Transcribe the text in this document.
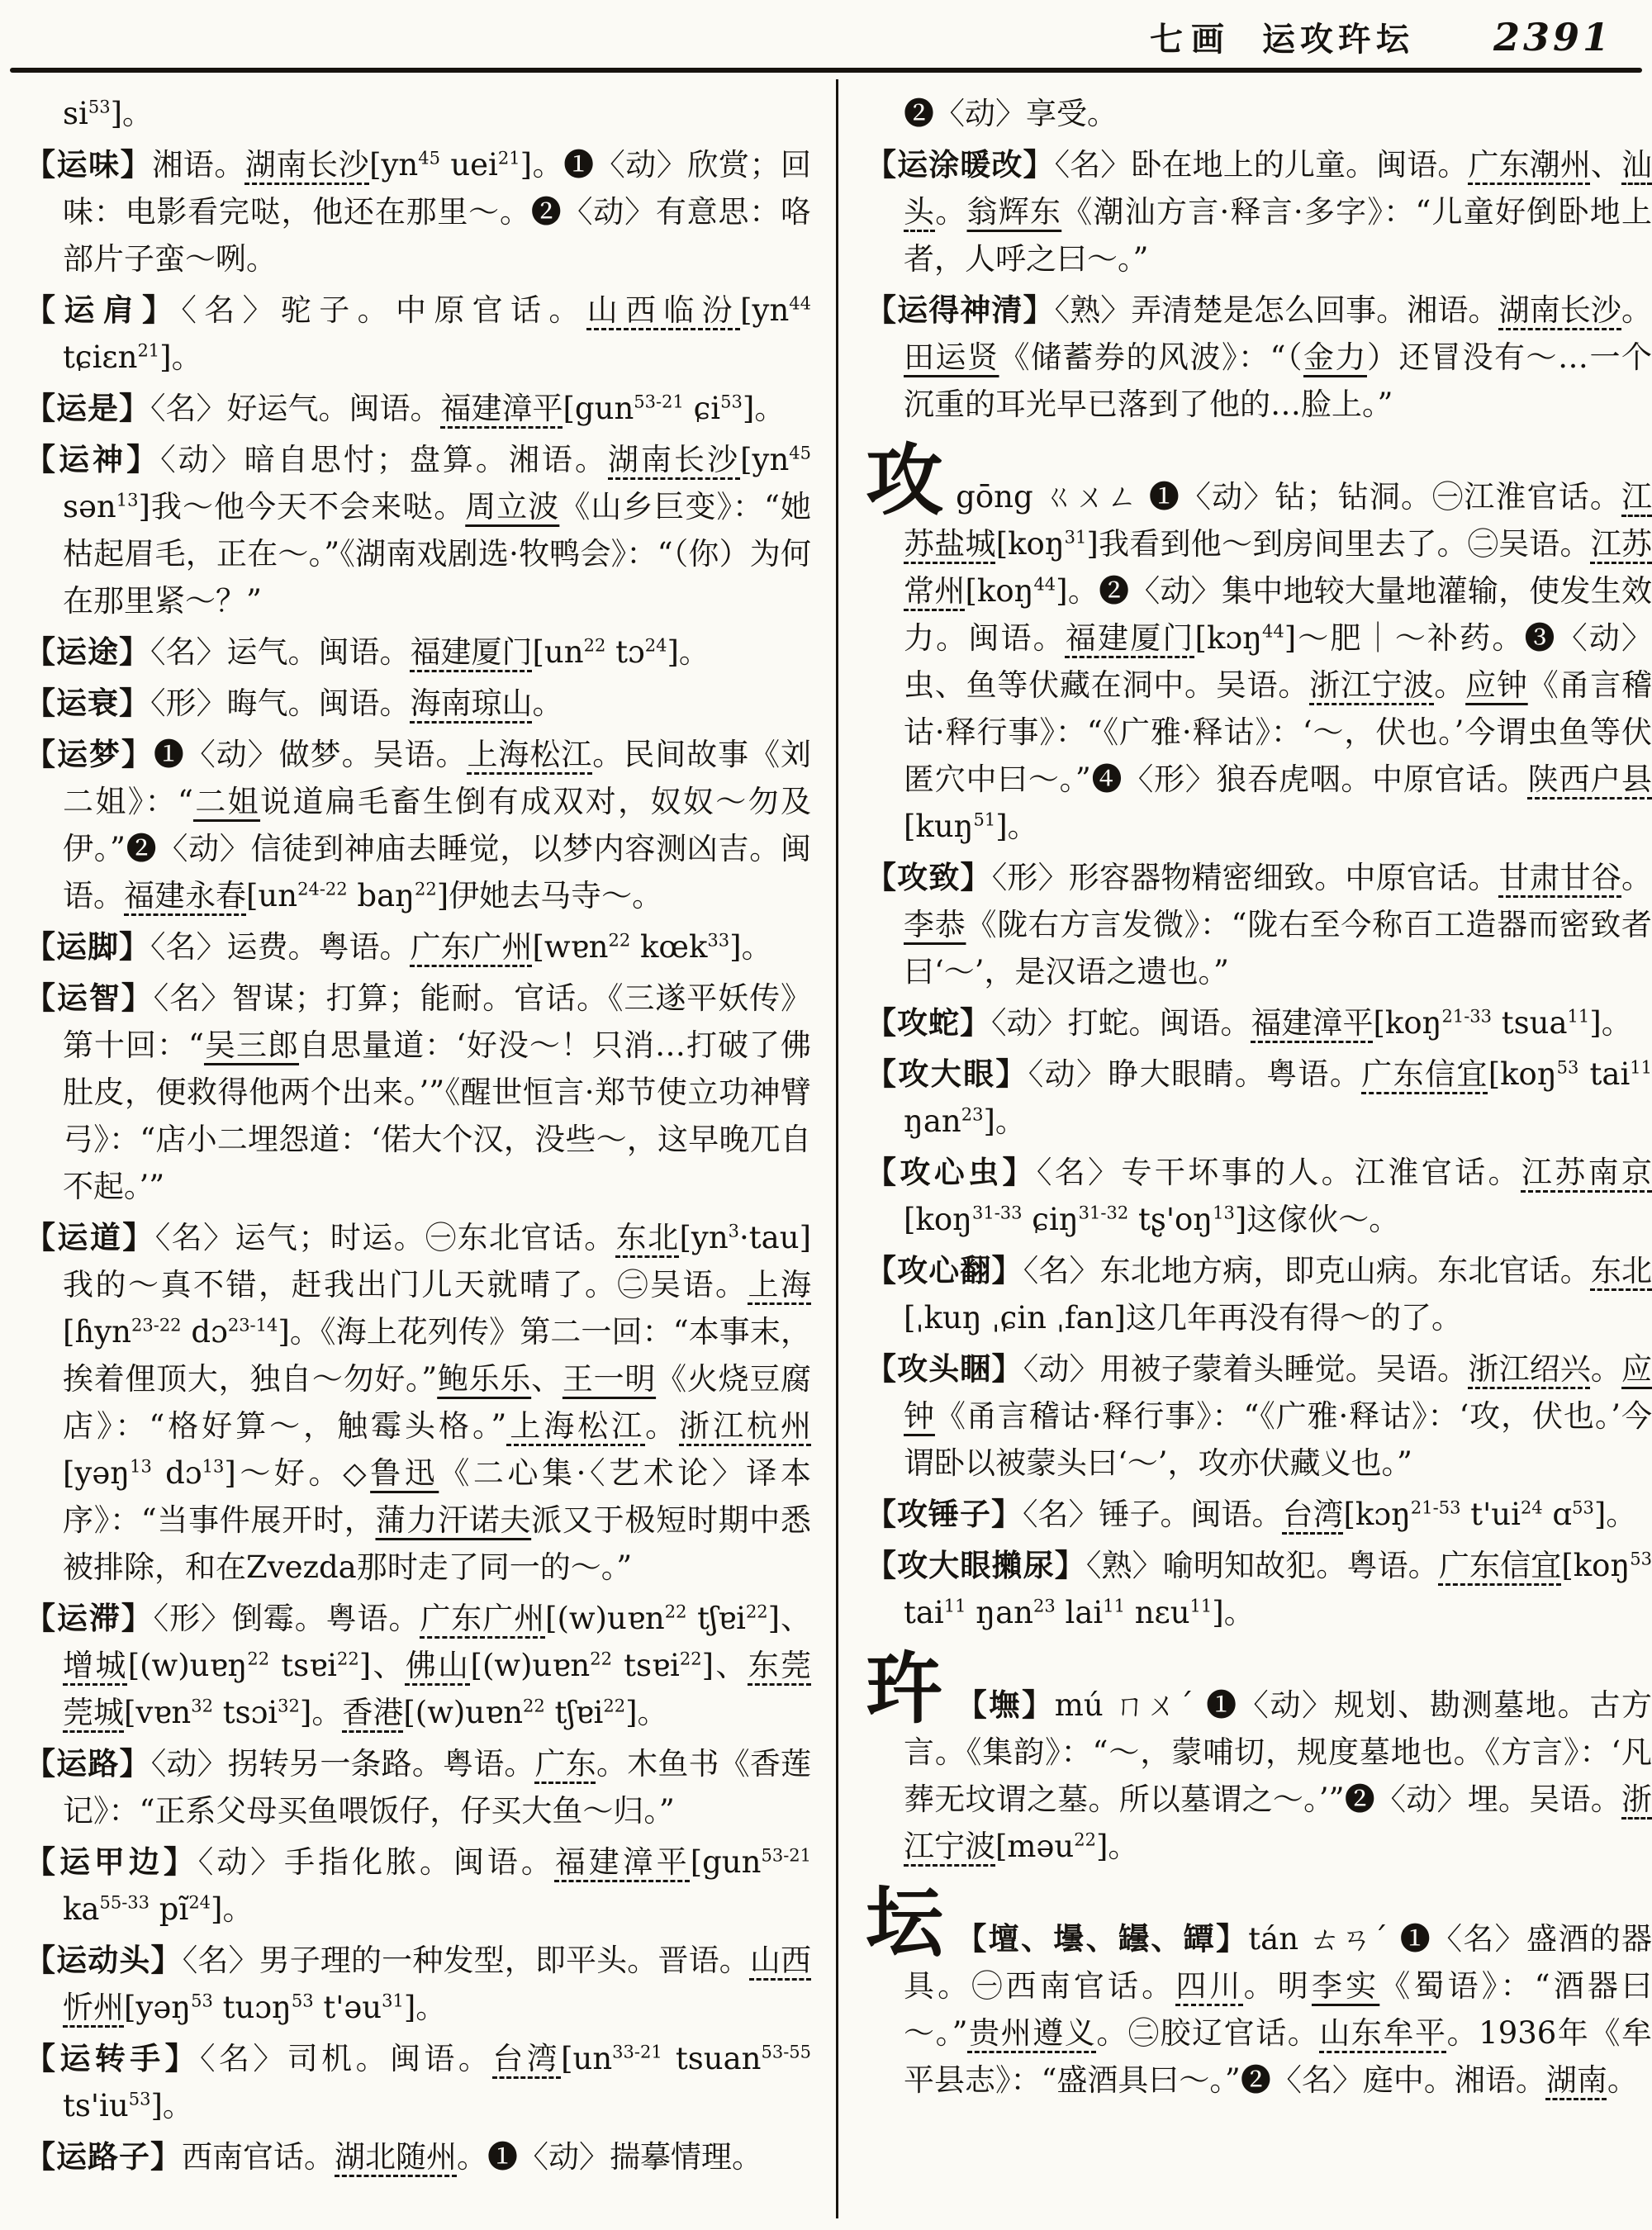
七画 运攻玝坛 2391
$si^{53}$]。
【运味】湘语。湖南长沙[$yn^{45}$ uei$^{21}$]。❶〈动〉欣赏；回味：电影看完哒，他还在那里～。❷〈动〉有意思：咯部片子蛮～咧。
【运肩】〈名〉驼子。中原官话。山西临汾[$yn^{44}$ tɕiɛn$^{21}$]。
【运是】〈名〉好运气。闽语。福建漳平[gun$^{53-21}$ ɕi$^{53}$]。
【运神】〈动〉暗自思忖；盘算。湘语。湖南长沙[$yn^{45}$ sən$^{13}$]我～他今天不会来哒。周立波《山乡巨变》：“她枯起眉毛，正在～。”《湖南戏剧选·牧鸭会》：“（你）为何在那里紧～？”
【运途】〈名〉运气。闽语。福建厦门[$un^{22}$ tɔ$^{24}$]。
【运衰】〈形〉晦气。闽语。海南琼山。
【运梦】❶〈动〉做梦。吴语。上海松江。民间故事《刘二姐》：“二姐说道扁毛畜生倒有成双对，奴奴～勿及伊。”❷〈动〉信徒到神庙去睡觉，以梦内容测凶吉。闽语。福建永春[$un^{24-22}$ baŋ$^{22}$]伊她去马寺～。
【运脚】〈名〉运费。粤语。广东广州[wɐn$^{22}$ kœk$^{33}$]。
【运智】〈名〉智谋；打算；能耐。官话。《三遂平妖传》第十回：“吴三郎自思量道：‘好没～！只消…打破了佛肚皮，便救得他两个出来。’”《醒世恒言·郑节使立功神臂弓》：“店小二埋怨道：‘偌大个汉，没些～，这早晚兀自不起。’”
【运道】〈名〉运气；时运。㊀东北官话。东北$[yn^3\cdot tau]$我的～真不错，赶我出门儿天就晴了。㊁吴语。上海[ɦyn$^{23-22}$ dɔ$^{23-14}$]。《海上花列传》第二一回：“本事末，挨着俚顶大，独自～勿好。”鲍乐乐、王一明《火烧豆腐店》：“格好算～，触霉头格。”上海松江。浙江杭州[yəŋ$^{13}$ dɔ$^{13}$]～好。◇鲁迅《二心集·〈艺术论〉译本序》：“当事件展开时，蒲力汗诺夫派又于极短时期中悉被排除，和在Zvezda那时走了同一的～。”
【运滞】〈形〉倒霉。粤语。广东广州[(w)uɐn$^{22}$ tʃɐi$^{22}$]、增城[(w)uɐŋ$^{22}$ tsɐi$^{22}$]、佛山[(w)uɐn$^{22}$ tsɐi$^{22}$]、东莞莞城[vɐn$^{32}$ tsɔi$^{32}$]。香港[(w)uɐn$^{22}$ tʃɐi$^{22}$]。
【运路】〈动〉拐转另一条路。粤语。广东。木鱼书《香莲记》：“正系父母买鱼喂饭仔，仔买大鱼～归。”
【运甲边】〈动〉手指化脓。闽语。福建漳平[gun$^{53-21}$ $ka^{55-33}$ $pĩ^{24}$]。
【运动头】〈名〉男子理的一种发型，即平头。晋语。山西忻州[yəŋ$^{53}$ tuɔŋ$^{53}$ t'əu$^{31}$]。
【运转手】〈名〉司机。闽语。台湾[$un^{33-21}$ tsuan$^{53-55}$ $ts'iu^{53}$]。
【运路子】西南官话。湖北随州。❶〈动〉揣摹情理。
❷〈动〉享受。
【运涂暖改】〈名〉卧在地上的儿童。闽语。广东潮州、汕头。翁辉东《潮汕方言·释言·多字》：“儿童好倒卧地上者，人呼之曰～。”
【运得神清】〈熟〉弄清楚是怎么回事。湘语。湖南长沙。田运贤《储蓄券的风波》：“（金力）还冒没有～…一个沉重的耳光早已落到了他的…脸上。”
攻gōng ㄍㄨㄥ ❶〈动〉钻；钻洞。㊀江淮官话。江苏盐城[koŋ$^{31}$]我看到他～到房间里去了。㊁吴语。江苏常州[koŋ$^{44}$]。❷〈动〉集中地较大量地灌输，使发生效力。闽语。福建厦门[kɔŋ$^{44}$]～肥｜～补药。❸〈动〉虫、鱼等伏藏在洞中。吴语。浙江宁波。应钟《甬言稽诂·释行事》：“《广雅·释诂》：‘～，伏也。’今谓虫鱼等伏匿穴中曰～。”❹〈形〉狼吞虎咽。中原官话。陕西户县[kuŋ$^{51}$]。
【攻致】〈形〉形容器物精密细致。中原官话。甘肃甘谷。李恭《陇右方言发微》：“陇右至今称百工造器而密致者曰‘～’，是汉语之遗也。”
【攻蛇】〈动〉打蛇。闽语。福建漳平[koŋ$^{21-33}$ tsua$^{11}$]。
【攻大眼】〈动〉睁大眼睛。粤语。广东信宜[koŋ$^{53}$ tai$^{11}$ ŋan$^{23}$]。
【攻心虫】〈名〉专干坏事的人。江淮官话。江苏南京[koŋ$^{31-33}$ ɕiŋ$^{31-32}$ $tʂ'oŋ^{13}$]这傢伙～。
【攻心翻】〈名〉东北地方病，即克山病。东北官话。东北[ˌkuŋ ˌɕin ˌfan]这几年再没有得～的了。
【攻头睏】〈动〉用被子蒙着头睡觉。吴语。浙江绍兴。应钟《甬言稽诂·释行事》：“《广雅·释诂》：‘攻，伏也。’今谓卧以被蒙头曰‘～’，攻亦伏藏义也。”
【攻锤子】〈名〉锤子。闽语。台湾[kɔŋ$^{21-53}$ $t'ui^{24}$ ɑ$^{53}$]。
【攻大眼攋尿】〈熟〉喻明知故犯。粤语。广东信宜[koŋ$^{53}$ tai$^{11}$ ŋan$^{23}$ lai$^{11}$ nɛu$^{11}$]。
玝 【墲】mú ㄇㄨˊ ❶〈动〉规划、勘测墓地。古方言。《集韵》：“～，蒙哺切，规度墓地也。《方言》：‘凡葬无坟谓之墓。所以墓谓之～。’”❷〈动〉埋。吴语。浙江宁波[məu$^{22}$]。
坛 【壇、壜、罎、罈】tán ㄊㄢˊ ❶〈名〉盛酒的器具。㊀西南官话。四川。明李实《蜀语》：“酒器曰～。”贵州遵义。㊁胶辽官话。山东牟平。1936年《牟平县志》：“盛酒具曰～。”❷〈名〉庭中。湘语。湖南。
